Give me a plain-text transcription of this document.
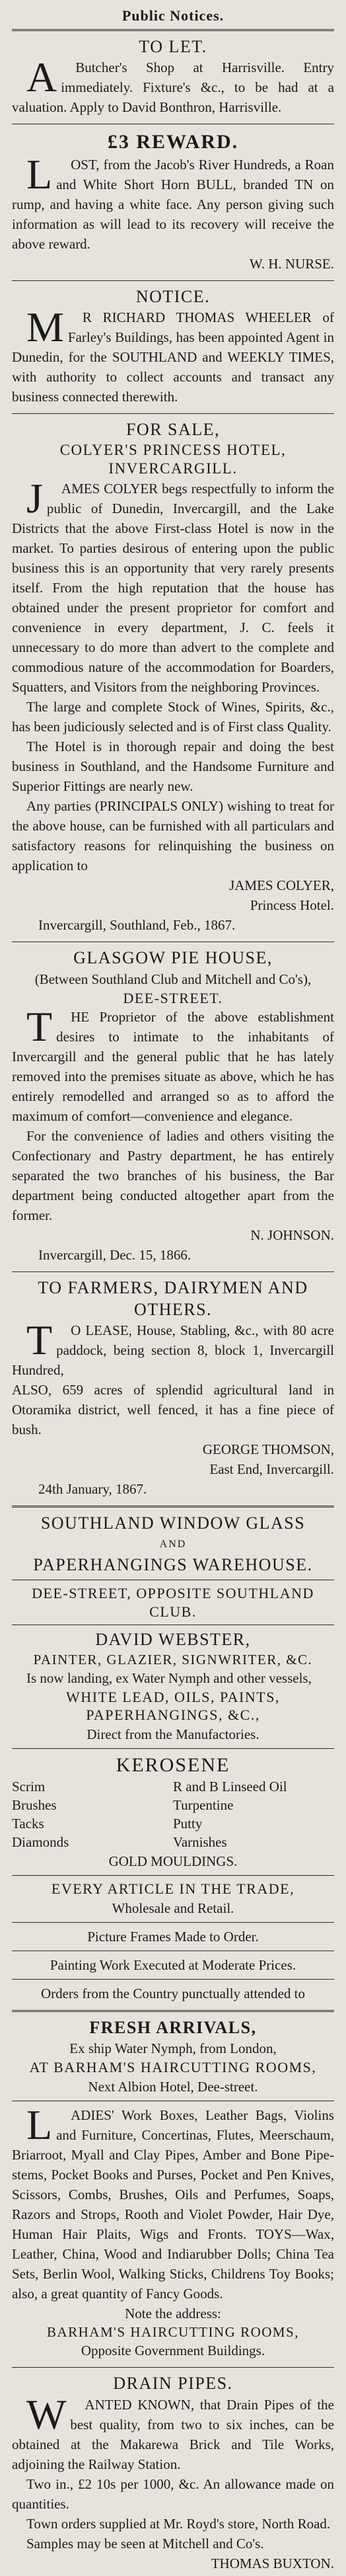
Public Notices.
TO LET.

AButcher's Shop at Harrisville. Entry immediately. Fixture's &c., to be had at a valuation. Apply to David Bonthron, Harrisville.

£3 REWARD.

LOST, from the Jacob's River Hundreds, a Roan and White Short Horn BULL, branded TN on rump, and having a white face. Any person giving such information as will lead to its recovery will receive the above reward.

W. H. NURSE.
NOTICE.

MR RICHARD THOMAS WHEELER of Farley's Buildings, has been appointed Agent in Dunedin, for the SOUTHLAND and WEEKLY TIMES, with authority to collect accounts and transact any business connected therewith.

FOR SALE,
COLYER'S PRINCESS HOTEL, INVERCARGILL.

JAMES COLYER begs respectfully to inform the public of Dunedin, Invercargill, and the Lake Districts that the above First-class Hotel is now in the market. To parties desirous of entering upon the public business this is an opportunity that very rarely presents itself. From the high reputation that the house has obtained under the present proprietor for comfort and convenience in every department, J. C. feels it unnecessary to do more than advert to the complete and commodious nature of the accommodation for Boarders, Squatters, and Visitors from the neighboring Provinces.

The large and complete Stock of Wines, Spirits, &c., has been judiciously selected and is of First class Quality.

The Hotel is in thorough repair and doing the best business in Southland, and the Handsome Furniture and Superior Fittings are nearly new.

Any parties (PRINCIPALS ONLY) wishing to treat for the above house, can be furnished with all particulars and satisfactory reasons for relinquishing the business on application to

JAMES COLYER,
Princess Hotel.
Invercargill, Southland, Feb., 1867.
GLASGOW PIE HOUSE,
(Between Southland Club and Mitchell and Co's),
DEE-STREET.

THE Proprietor of the above establishment desires to intimate to the inhabitants of Invercargill and the general public that he has lately removed into the premises situate as above, which he has entirely remodelled and arranged so as to afford the maximum of comfort—convenience and elegance.

For the convenience of ladies and others visiting the Confectionary and Pastry department, he has entirely separated the two branches of his business, the Bar department being conducted altogether apart from the former.

N. JOHNSON.
Invercargill, Dec. 15, 1866.
TO FARMERS, DAIRYMEN AND OTHERS.

TO LEASE, House, Stabling, &c., with 80 acre paddock, being section 8, block 1, Invercargill Hundred,

ALSO, 659 acres of splendid agricultural land in Otoramika district, well fenced, it has a fine piece of bush.

GEORGE THOMSON,
East End, Invercargill.
24th January, 1867.
SOUTHLAND WINDOW GLASS
AND
PAPERHANGINGS WAREHOUSE.
DEE-STREET, OPPOSITE SOUTHLAND CLUB.
DAVID WEBSTER,
PAINTER, GLAZIER, SIGNWRITER, &C.

Is now landing, ex Water Nymph and other vessels,

WHITE LEAD, OILS, PAINTS, PAPERHANGINGS, &C.,
Direct from the Manufactories.
KEROSENE
Scrim
Brushes
Tacks
Diamonds
R and B Linseed Oil
Turpentine
Putty
Varnishes
GOLD MOULDINGS.
EVERY ARTICLE IN THE TRADE,
Wholesale and Retail.
Picture Frames Made to Order.
Painting Work Executed at Moderate Prices.
Orders from the Country punctually attended to
FRESH ARRIVALS,
Ex ship Water Nymph, from London,
AT BARHAM'S HAIRCUTTING ROOMS,
Next Albion Hotel, Dee-street.

LADIES' Work Boxes, Leather Bags, Violins and Furniture, Concertinas, Flutes, Meerschaum, Briarroot, Myall and Clay Pipes, Amber and Bone Pipe-stems, Pocket Books and Purses, Pocket and Pen Knives, Scissors, Combs, Brushes, Oils and Perfumes, Soaps, Razors and Strops, Rooth and Violet Powder, Hair Dye, Human Hair Plaits, Wigs and Fronts. TOYS—Wax, Leather, China, Wood and Indiarubber Dolls; China Tea Sets, Berlin Wool, Walking Sticks, Childrens Toy Books; also, a great quantity of Fancy Goods.

Note the address:
BARHAM'S HAIRCUTTING ROOMS,
Opposite Government Buildings.
DRAIN PIPES.

WANTED KNOWN, that Drain Pipes of the best quality, from two to six inches, can be obtained at the Makarewa Brick and Tile Works, adjoining the Railway Station.

Two in., £2 10s per 1000, &c. An allowance made on quantities.

Town orders supplied at Mr. Royd's store, North Road.

Samples may be seen at Mitchell and Co's.

THOMAS BUXTON.
